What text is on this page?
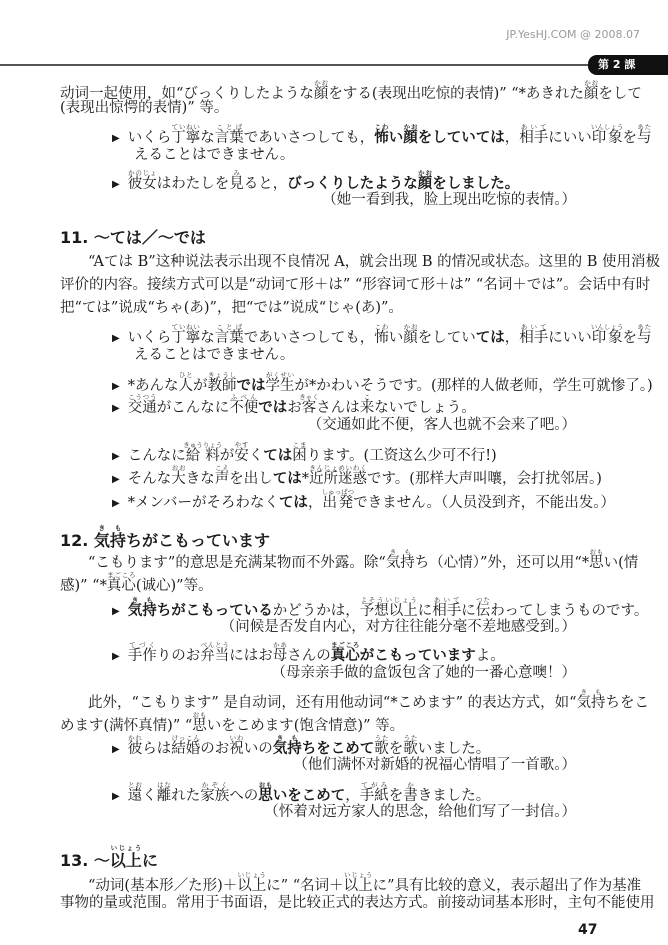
JP.YesHJ.COM @ 2008.07
第 2 課
动词一起使用，如“びっくりしたような顔かおをする(表现出吃惊的表情)” “*あきれた顔かおをして
(表现出惊愕的表情)” 等。
▶ いくら丁寧ていねいな言葉ことばであいさつしても，怖こわい顔かおをしていては，相手あいてにいい印象いんしょうを与あた
えることはできません。
▶ 彼女かのじょはわたしを見みると，びっくりしたような顔かおをしました。
（她一看到我，脸上现出吃惊的表情。）
11. ～ては／～では
“Aては B”这种说法表示出现不良情况 A，就会出现 B 的情况或状态。这里的 B 使用消极
评价的内容。接续方式可以是“动词て形＋は” “形容词て形＋は” “名词＋では”。会话中有时
把“ては”说成“ちゃ(あ)”，把“では”说成“じゃ(あ)”。
▶ いくら丁寧ていねいな言葉ことばであいさつしても，怖こわい顔かおをしていては，相手あいてにいい印象いんしょうを与あた
えることはできません。
▶ *あんな人ひとが教師きょうしでは学生がくせいが*かわいそうです。(那样的人做老师，学生可就惨了。)
▶ 交通こうつうがこんなに不便ふべんではお客きゃくさんは来こないでしょう。
（交通如此不便，客人也就不会来了吧。）
▶ こんなに給料きゅうりょうが安やすくては困こまります。(工资这么少可不行!)
▶ そんな大おおきな声こえを出しては*近所迷惑きんじょめいわくです。(那样大声叫嚷，会打扰邻居。)
▶ *メンバーがそろわなくては，出発しゅっぱつできません。（人员没到齐，不能出发。）
12. 気持きもちがこもっています
“こもります”的意思是充满某物而不外露。除“気持きもち（心情）”外，还可以用“*思おもい(情
感)” “*真心まごころ(诚心)”等。
▶ 気持きもちがこもっているかどうかは，予想以上よそういじょうに相手あいてに伝つたわってしまうものです。
（问候是否发自内心，对方往往能分毫不差地感受到。）
▶ 手作てづくりのお弁当べんとうにはお母かあさんの真心まごころがこもっていますよ。
（母亲亲手做的盒饭包含了她的一番心意噢！）
此外，“こもります” 是自动词，还有用他动词“*こめます” 的表达方式，如“気持きもちをこ
めます(满怀真情)” “思おもいをこめます(饱含情意)” 等。
▶ 彼かれらは結婚けっこんのお祝いわいの気持きもちをこめて歌うたを歌うたいました。
（他们满怀对新婚的祝福心情唱了一首歌。）
▶ 遠とおく離はなれた家族かぞくへの思おもいをこめて，手紙てがみを書かきました。
（怀着对远方家人的思念，给他们写了一封信。）
13. ～以上いじょうに
“动词(基本形／た形)＋以上いじょうに” “名词＋以上いじょうに”具有比较的意义，表示超出了作为基准
事物的量或范围。常用于书面语，是比较正式的表达方式。前接动词基本形时，主句不能使用
47
